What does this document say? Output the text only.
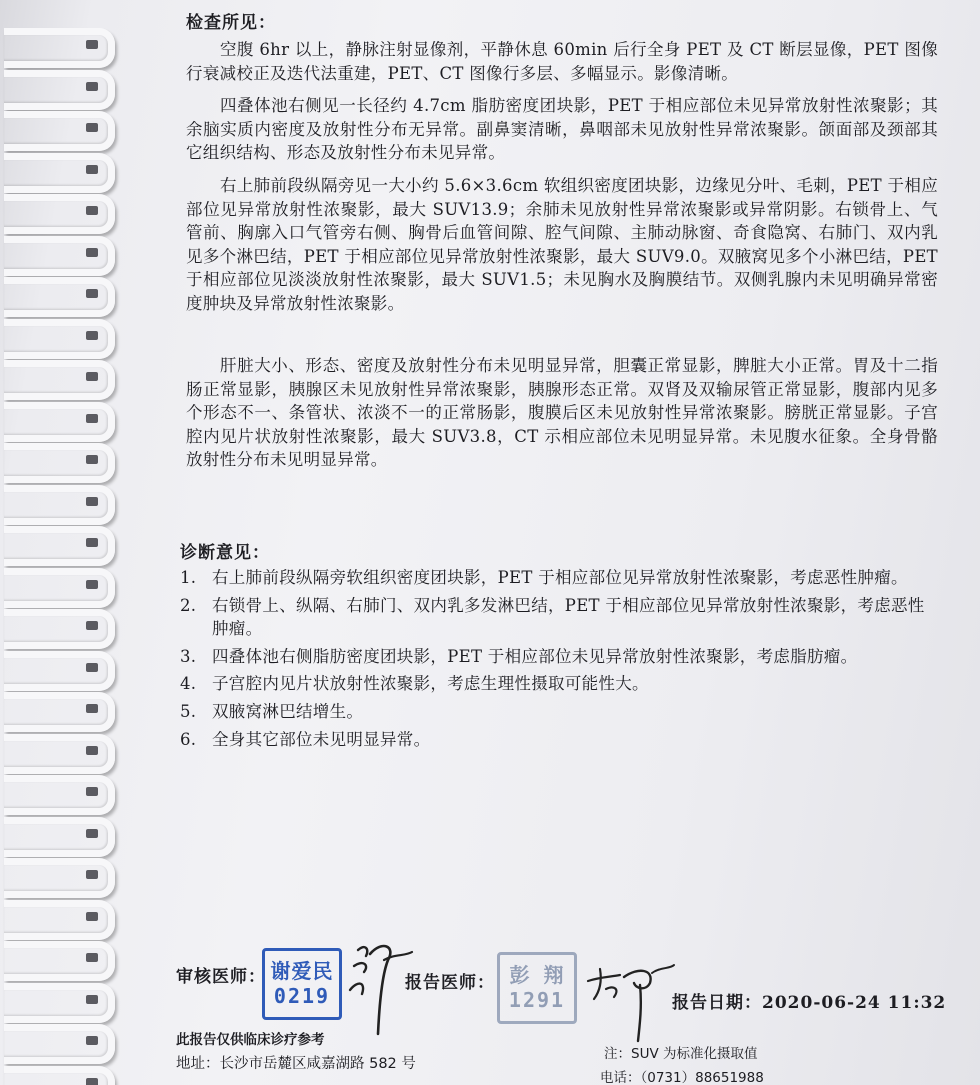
检查所见：
空腹 6hr 以上，静脉注射显像剂，平静休息 60min 后行全身 PET 及 CT 断层显像，PET 图像行衰减校正及迭代法重建，PET、CT 图像行多层、多幅显示。影像清晰。
四叠体池右侧见一长径约 4.7cm 脂肪密度团块影，PET 于相应部位未见异常放射性浓聚影；其余脑实质内密度及放射性分布无异常。副鼻窦清晰，鼻咽部未见放射性异常浓聚影。颌面部及颈部其它组织结构、形态及放射性分布未见异常。
右上肺前段纵隔旁见一大小约 5.6×3.6cm 软组织密度团块影，边缘见分叶、毛刺，PET 于相应部位见异常放射性浓聚影，最大 SUV13.9；余肺未见放射性异常浓聚影或异常阴影。右锁骨上、气管前、胸廓入口气管旁右侧、胸骨后血管间隙、腔气间隙、主肺动脉窗、奇食隐窝、右肺门、双内乳见多个淋巴结，PET 于相应部位见异常放射性浓聚影，最大 SUV9.0。双腋窝见多个小淋巴结，PET 于相应部位见淡淡放射性浓聚影，最大 SUV1.5；未见胸水及胸膜结节。双侧乳腺内未见明确异常密度肿块及异常放射性浓聚影。
肝脏大小、形态、密度及放射性分布未见明显异常，胆囊正常显影，脾脏大小正常。胃及十二指肠正常显影，胰腺区未见放射性异常浓聚影，胰腺形态正常。双肾及双输尿管正常显影，腹部内见多个形态不一、条管状、浓淡不一的正常肠影，腹膜后区未见放射性异常浓聚影。膀胱正常显影。子宫腔内见片状放射性浓聚影，最大 SUV3.8，CT 示相应部位未见明显异常。未见腹水征象。全身骨骼放射性分布未见明显异常。
诊断意见：
1. 右上肺前段纵隔旁软组织密度团块影，PET 于相应部位见异常放射性浓聚影，考虑恶性肿瘤。
2. 右锁骨上、纵隔、右肺门、双内乳多发淋巴结，PET 于相应部位见异常放射性浓聚影，考虑恶性肿瘤。
3. 四叠体池右侧脂肪密度团块影，PET 于相应部位未见异常放射性浓聚影，考虑脂肪瘤。
4. 子宫腔内见片状放射性浓聚影，考虑生理性摄取可能性大。
5. 双腋窝淋巴结增生。
6. 全身其它部位未见明显异常。
审核医师： 谢爱民
0219
报告医师： 彭 翔
1291	报告日期：2020-06-24 11:32
此报告仅供临床诊疗参考
地址：长沙市岳麓区咸嘉湖路 582 号
注：SUV 为标准化摄取值
电话：（0731）88651988
